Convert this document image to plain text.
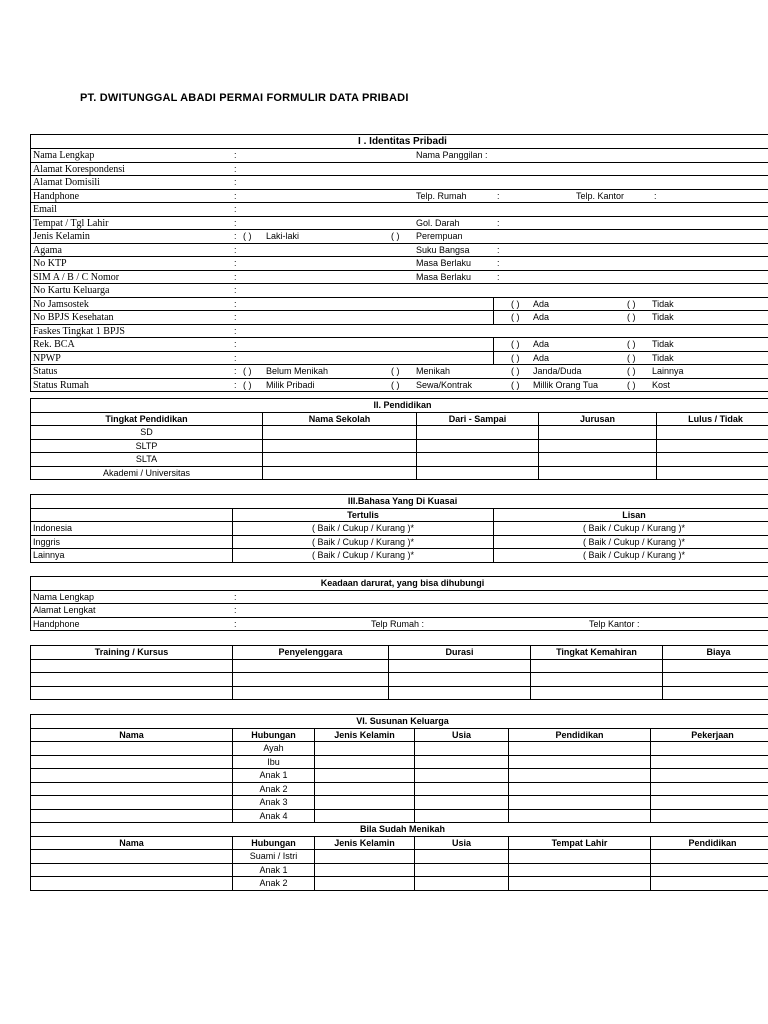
PT. DWITUNGGAL ABADI PERMAI FORMULIR DATA PRIBADI
I . Identitas Pribadi

Nama Lengkap	:	Nama Panggilan :

Alamat Korespondensi	:

Alamat Domisili	:

Handphone	:	Telp. Rumah	:	Telp. Kantor	:

Email	:

Tempat / Tgl Lahir	:	Gol. Darah	:

Jenis Kelamin	: ( ) Laki-laki	( ) Perempuan

Agama	:	Suku Bangsa	:

No KTP	:	Masa Berlaku	:

SIM A / B / C Nomor	:	Masa Berlaku	:

No Kartu Keluarga	:

No Jamsostek	:	( ) Ada	( ) Tidak

No BPJS Kesehatan	:	( ) Ada	( ) Tidak

Faskes Tingkat 1 BPJS	:

Rek. BCA	:	( ) Ada	( ) Tidak

NPWP	:	( ) Ada	( ) Tidak

Status	: ( ) Belum Menikah	( ) Menikah	( ) Janda/Duda	( ) Lainnya

Status Rumah	: ( ) Milik Pribadi	( ) Sewa/Kontrak	( ) Millik Orang Tua	( ) Kost
II. Pendidikan				
Tingkat Pendidikan	Nama Sekolah	Dari - Sampai	Jurusan	Lulus / Tidak
SD				
SLTP				
SLTA				
Akademi / Universitas				
III.Bahasa Yang Di Kuasai		
	Tertulis	Lisan
Indonesia	( Baik / Cukup / Kurang )*	( Baik / Cukup / Kurang )*
Inggris	( Baik / Cukup / Kurang )*	( Baik / Cukup / Kurang )*
Lainnya	( Baik / Cukup / Kurang )*	( Baik / Cukup / Kurang )*
Keadaan darurat, yang bisa dihubungi

Nama Lengkap	:

Alamat Lengkat	:

Handphone	:	Telp Rumah :	Telp Kantor :
Training / Kursus	Penyelenggara	Durasi	Tingkat Kemahiran	Biaya

VI. Susunan Keluarga					
Nama	Hubungan	Jenis Kelamin	Usia	Pendidikan	Pekerjaan
	Ayah				
	Ibu				
	Anak 1				
	Anak 2				
	Anak 3				
	Anak 4				
Bila Sudah Menikah					
Nama	Hubungan	Jenis Kelamin	Usia	Tempat Lahir	Pendidikan
	Suami / Istri				
	Anak 1				
	Anak 2				
